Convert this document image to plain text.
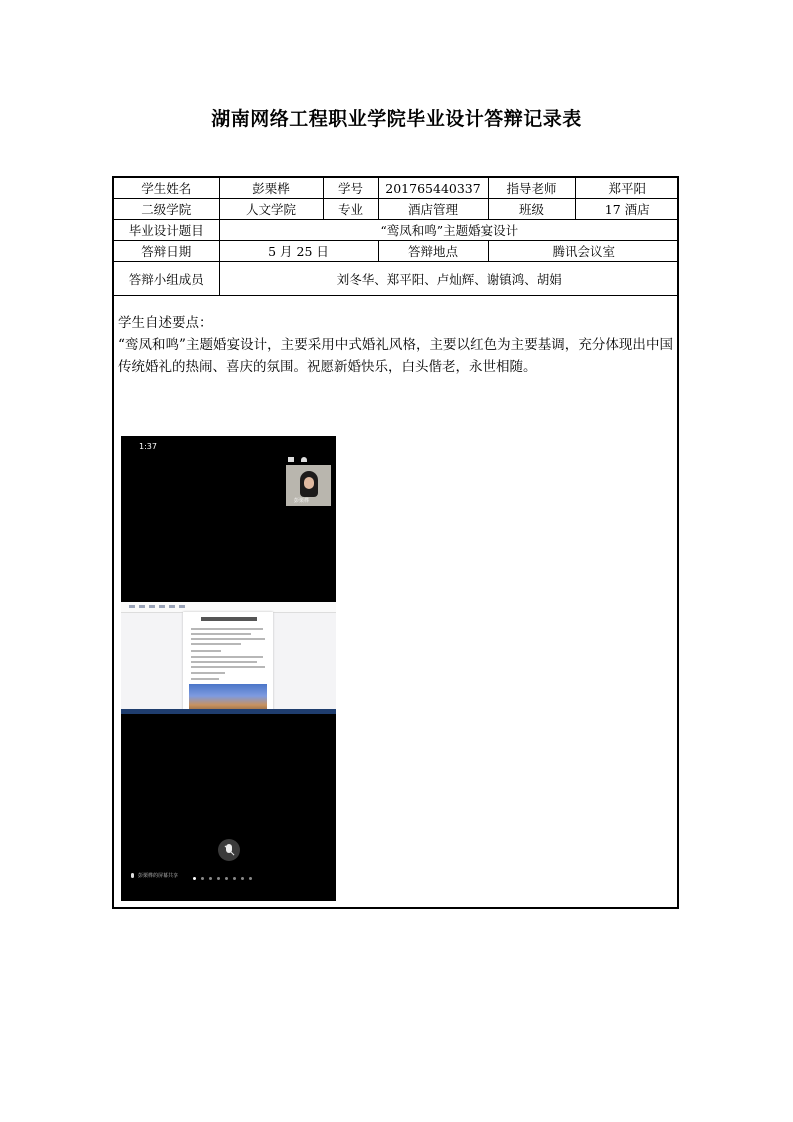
湖南网络工程职业学院毕业设计答辩记录表
学生姓名	彭栗桦	学号	201765440337	指导老师	郑平阳
二级学院	人文学院	专业	酒店管理	班级	17 酒店
毕业设计题目	“鸾凤和鸣”主题婚宴设计				
答辩日期	5 月 25 日		答辩地点	腾讯会议室	
答辩小组成员	刘冬华、郑平阳、卢灿辉、谢镇鸿、胡娟				
学生自述要点：
“鸾凤和鸣”主题婚宴设计，主要采用中式婚礼风格，主要以红色为主要基调，充分体现出中国传统婚礼的热闹、喜庆的氛围。祝愿新婚快乐，白头偕老，永世相随。
1:37

彭栗桦
彭栗桦的屏幕共享
